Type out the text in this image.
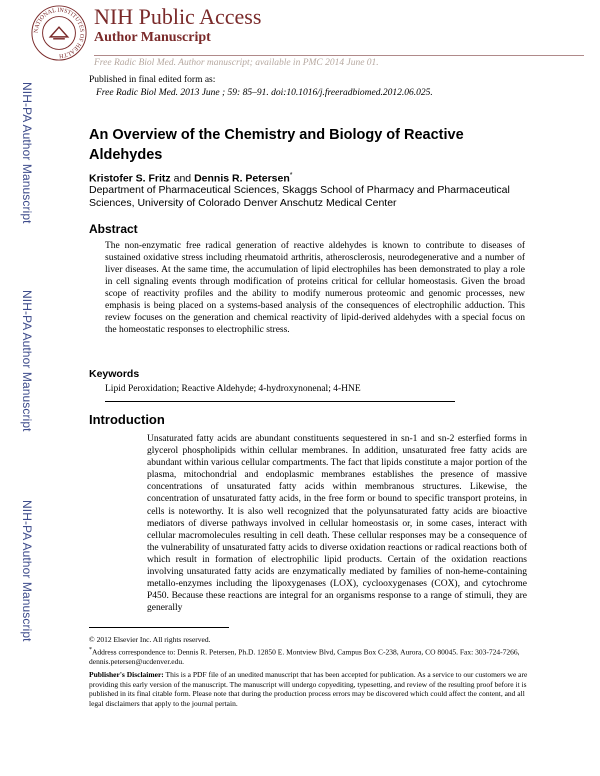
NATIONAL INSTITUTES OF HEALTH
NIH Public Access
Author Manuscript
Free Radic Biol Med. Author manuscript; available in PMC 2014 June 01.
Published in final edited form as:
Free Radic Biol Med. 2013 June ; 59: 85–91. doi:10.1016/j.freeradbiomed.2012.06.025.
NIH-PA Author Manuscript
NIH-PA Author Manuscript
NIH-PA Author Manuscript
An Overview of the Chemistry and Biology of Reactive Aldehydes
Kristofer S. Fritz and Dennis R. Petersen*
Department of Pharmaceutical Sciences, Skaggs School of Pharmacy and Pharmaceutical Sciences, University of Colorado Denver Anschutz Medical Center
Abstract
The non-enzymatic free radical generation of reactive aldehydes is known to contribute to diseases of sustained oxidative stress including rheumatoid arthritis, atherosclerosis, neurodegenerative and a number of liver diseases. At the same time, the accumulation of lipid electrophiles has been demonstrated to play a role in cell signaling events through modification of proteins critical for cellular homeostasis. Given the broad scope of reactivity profiles and the ability to modify numerous proteomic and genomic processes, new emphasis is being placed on a systems-based analysis of the consequences of electrophilic adduction. This review focuses on the generation and chemical reactivity of lipid-derived aldehydes with a special focus on the homeostatic responses to electrophilic stress.
Keywords
Lipid Peroxidation; Reactive Aldehyde; 4-hydroxynonenal; 4-HNE
Introduction
Unsaturated fatty acids are abundant constituents sequestered in sn-1 and sn-2 esterfied forms in glycerol phospholipids within cellular membranes. In addition, unsaturated free fatty acids are abundant within various cellular compartments. The fact that lipids constitute a major portion of the plasma, mitochondrial and endoplasmic membranes establishes the presence of massive concentrations of unsaturated fatty acids within membranous structures. Likewise, the concentration of unsaturated fatty acids, in the free form or bound to specific transport proteins, in cells is noteworthy. It is also well recognized that the polyunsaturated fatty acids are bioactive mediators of diverse pathways involved in cellular homeostasis or, in some cases, interact with cellular macromolecules resulting in cell death. These cellular responses may be a consequence of the vulnerability of unsaturated fatty acids to diverse oxidation reactions or radical reactions both of which result in formation of electrophilic lipid products. Certain of the oxidation reactions involving unsaturated fatty acids are enzymatically mediated by families of non-heme-containing metallo-enzymes including the lipoxygenases (LOX), cyclooxygenases (COX), and cytochrome P450. Because these reactions are integral for an organisms response to a range of stimuli, they are generally
© 2012 Elsevier Inc. All rights reserved.
*Address correspondence to: Dennis R. Petersen, Ph.D. 12850 E. Montview Blvd, Campus Box C-238, Aurora, CO 80045. Fax: 303-724-7266, dennis.petersen@ucdenver.edu.
Publisher's Disclaimer: This is a PDF file of an unedited manuscript that has been accepted for publication. As a service to our customers we are providing this early version of the manuscript. The manuscript will undergo copyediting, typesetting, and review of the resulting proof before it is published in its final citable form. Please note that during the production process errors may be discovered which could affect the content, and all legal disclaimers that apply to the journal pertain.
